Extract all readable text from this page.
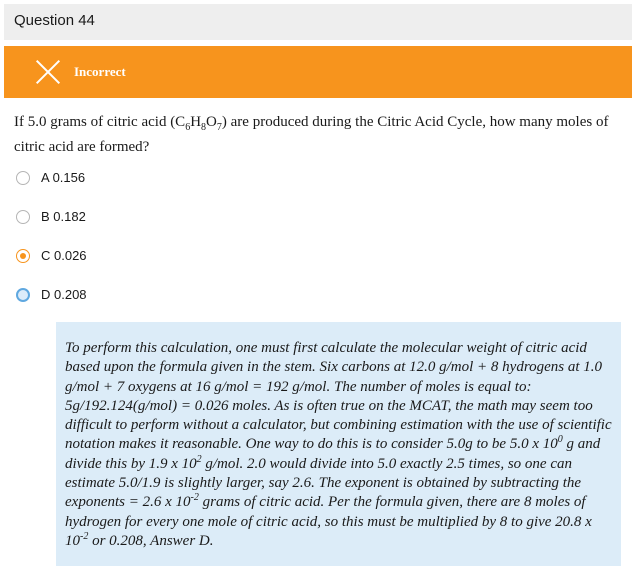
Question 44
Incorrect
If 5.0 grams of citric acid $(C_6H_8O_7)$ are produced during the Citric Acid Cycle, how many moles of citric acid are formed?
A 0.156
B 0.182
C 0.026
D 0.208
To perform this calculation, one must first calculate the molecular weight of citric acid based upon the formula given in the stem. Six carbons at 12.0 g/mol + 8 hydrogens at 1.0 g/mol + 7 oxygens at 16 g/mol = 192 g/mol. The number of moles is equal to: 5g/192.124(g/mol) = 0.026 moles. As is often true on the MCAT, the math may seem too difficult to perform without a calculator, but combining estimation with the use of scientific notation makes it reasonable. One way to do this is to consider 5.0g to be 5.0 x $10^0$ g and divide this by 1.9 x $10^2$ g/mol. 2.0 would divide into 5.0 exactly 2.5 times, so one can estimate 5.0/1.9 is slightly larger, say 2.6. The exponent is obtained by subtracting the exponents = 2.6 x $10^{-2}$ grams of citric acid. Per the formula given, there are 8 moles of hydrogen for every one mole of citric acid, so this must be multiplied by 8 to give 20.8 x $10^{-2}$ or 0.208, Answer D.
